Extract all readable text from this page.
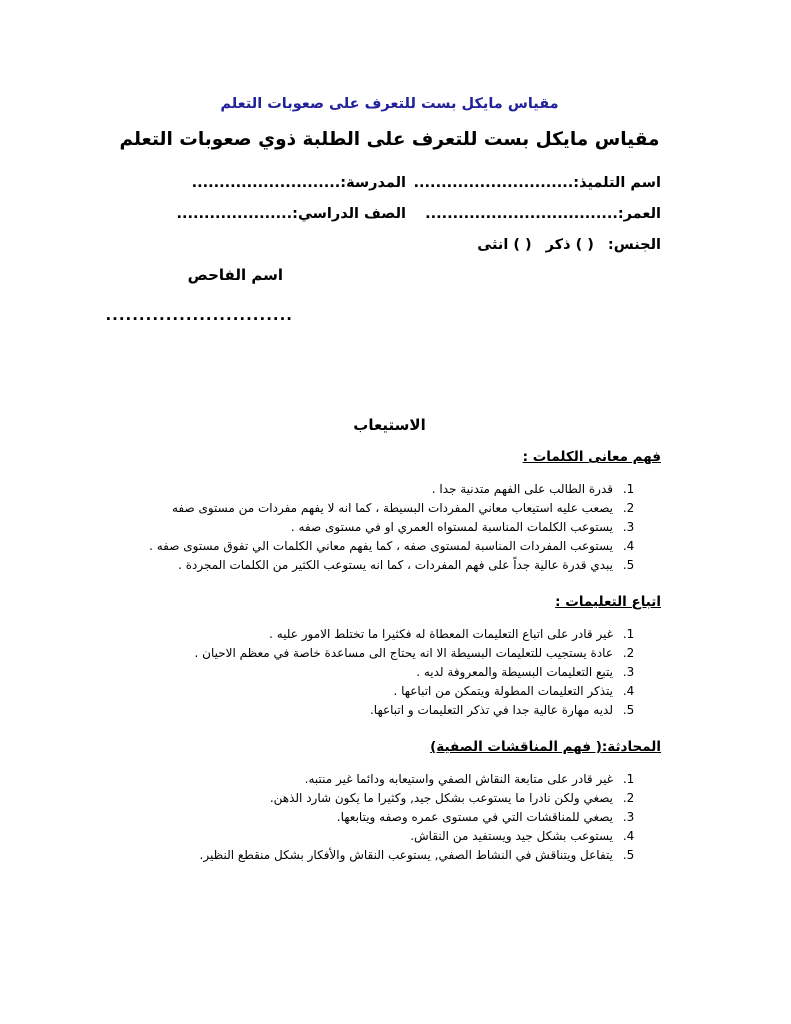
مقياس مايكل بست للتعرف على صعوبات التعلم
مقياس مايكل بست للتعرف على الطلبة ذوي صعوبات التعلم
اسم التلميذ:.............................
المدرسة:...........................
العمر:...................................
الصف الدراسي:.....................
الجنس:
( ) ذكر
( ) انثى
اسم الفاحص
............................
الاستيعاب
فهم معانى الكلمات :
1. قدرة الطالب على الفهم متدنية جدا .
2. يصعب عليه استيعاب معاني المفردات البسيطة ، كما انه لا يفهم مفردات من مستوى صفه
3. يستوعب الكلمات المناسبة لمستواه العمري او في مستوى صفه .
4. يستوعب المفردات المناسبة لمستوى صفه ، كما يفهم معاني الكلمات الي تفوق مستوى صفه .
5. يبدي قدرة عالية جداً على فهم المفردات ، كما انه يستوعب الكثير من الكلمات المجردة .
اتباع التعليمات :
1. غير قادر على اتباع التعليمات المعطاة له فكثيرا ما تختلط الامور عليه .
2. عادة يستجيب للتعليمات البسيطة الا انه يحتاج الى مساعدة خاصة في معظم الاحيان .
3. يتبع التعليمات البسيطة والمعروفة لديه .
4. يتذكر التعليمات المطولة ويتمكن من اتباعها .
5. لديه مهارة عالية جدا في تذكر التعليمات و اتباعها.
المحادثة:( فهم المناقشات الصفية)
1. غير قادر على متابعة النقاش الصفي واستيعابه ودائما غير منتبه.
2. يصغي ولكن نادرا ما يستوعب بشكل جيد, وكثيرا ما يكون شارد الذهن.
3. يصغي للمناقشات التي في مستوى عمره وصفه ويتابعها.
4. يستوعب بشكل جيد ويستفيد من النقاش.
5. يتفاعل ويتناقش في النشاط الصفي, يستوعب النقاش والأفكار بشكل منقطع النظير.
